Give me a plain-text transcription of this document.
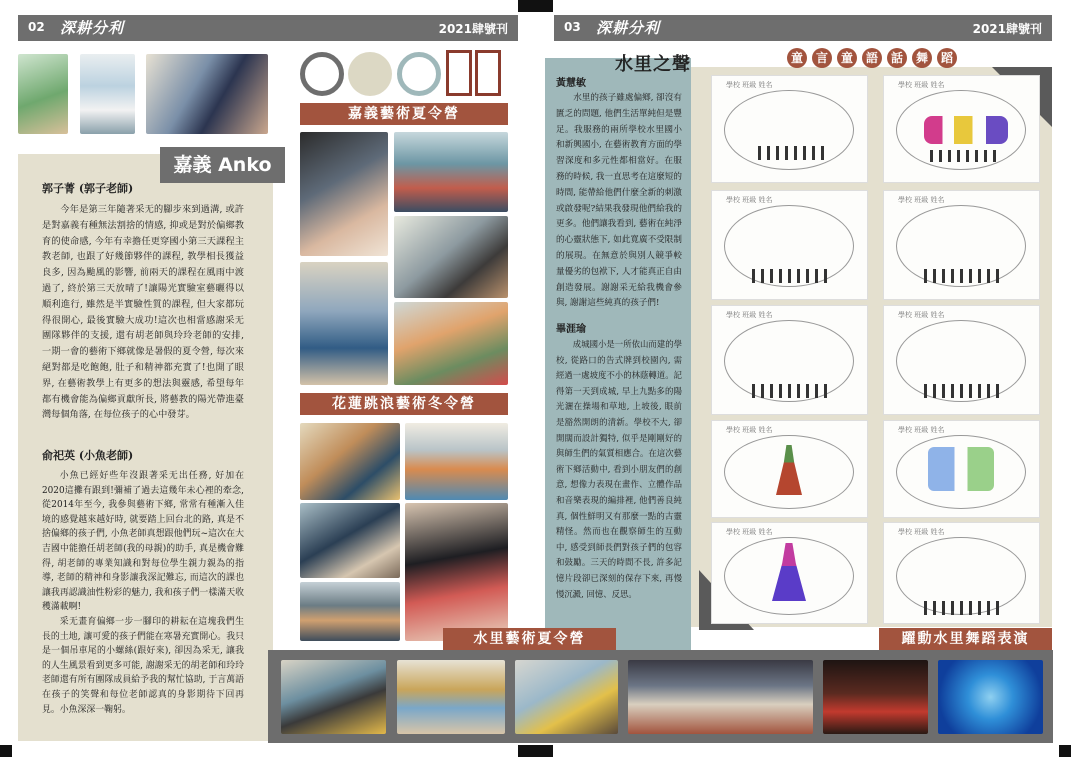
02 深耕分利	2021肆號刊
嘉義 Anko
郭子菁 (郭子老師)
今年是第三年隨著采无的腳步來到過溝, 或許是對嘉義有種無法割捨的情感, 抑或是對於偏鄉教育的使命感, 今年有幸擔任更穿國小第三天課程主教老師, 也跟了好幾節夥伴的課程, 教學相長獲益良多, 因為颱風的影響, 前兩天的課程在風雨中渡過了, 終於第三天放晴了!讓陽光實驗室藝曬得以順利進行, 雖然是半實驗性質的課程, 但大家都玩得很開心, 最後實驗大成功!這次也相當感謝采无團隊夥伴的支援, 還有胡老師與玲玲老師的安排, 一期一會的藝術下鄉就像是暑假的夏令營, 每次來絕對都是吃飽飽, 肚子和精神都充實了!也開了眼界, 在藝術教學上有更多的想法與靈感, 希望每年都有機會能為偏鄉貢獻所長, 將藝教的陽光帶進臺灣每個角落, 在每位孩子的心中發芽。
俞祀英 (小魚老師)
小魚已經好些年沒跟著采无出任務, 好加在2020這攤有跟到!彌補了過去這幾年未心裡的牽念,從2014年至今, 我參與藝術下鄉, 常常有種漸入佳境的感覺越來越好時, 就要踏上回台北的路, 真是不捨偏鄉的孩子們, 小魚老師真想跟他們玩~這次在大吉國中能擔任胡老師(我的母親)的助手, 真是機會難得, 胡老師的專業知識和對每位學生親力親為的指導, 老師的精神和身影讓我深記難忘, 而這次的課也讓我再認識油性粉彩的魅力, 我和孩子們一樣滿天收穫滿載啊!
采无畫育偏鄉一步一腳印的耕耘在這塊我們生長的土地, 讓可愛的孩子們能在寒暑充實開心。我只是一個吊車尾的小螺絲(跟好來), 卻因為采无, 讓我的人生風景看到更多可能, 謝謝采无的胡老師和玲玲老師還有所有團隊成員給予我的幫忙協助, 于言萬語在孩子的笑聲和每位老師認真的身影期待下回再見。小魚深深一鞠躬。
嘉義藝術夏令營
花蓮跳浪藝術冬令營
03 深耕分利	2021肆號刊
水里之聲
黃慧敏
水里的孩子雖處偏鄉, 卻沒有匱乏的問題, 他們生活單純但是豐足。我服務的兩所學校水里國小和新興國小, 在藝術教育方面的學習深度和多元性都相當好。在服務的時候, 我一直思考在這麼短的時間, 能帶給他們什麼全新的刺激或啟發呢?結果我發現他們給我的更多。他們讓我看到, 藝術在純淨的心靈狀態下, 如此寬廣不受限制的展現。在無意於與別人競爭較量優劣的包袱下, 人才能真正自由創造發展。謝謝采无給我機會參與, 謝謝這些純真的孩子們!
畢涯瑜
成城國小是一所依山而建的學校, 從路口的告式牌到校園內, 需經過一處坡度不小的林蔭轉道。記得第一天到成城, 早上九點多的陽光灑在操場和草地, 上坡後, 眼前是豁然開朗的清新。學校不大, 卻開闊而設計獨特, 似乎是剛剛好的與師生們的氣質相應合。在這次藝術下鄉活動中, 看到小朋友們的創意, 想像力表現在畫作、立體作品和音樂表現的編排裡, 他們善良純真, 個性鮮明又有那麼一點的古靈精怪。然而也在觀察師生的互動中, 感受到師長們對孩子們的包容和鼓勵。三天的時間不長, 許多記憶片段卻已深刻的保存下來, 再慢慢沉澱, 回憶、反思。
童	言	童	語	話	舞	蹈
學校 班級 姓名	學校 班級 姓名
學校 班級 姓名	學校 班級 姓名
學校 班級 姓名	學校 班級 姓名
學校 班級 姓名	學校 班級 姓名
學校 班級 姓名	學校 班級 姓名
躍動水里舞蹈表演
水里藝術夏令營
